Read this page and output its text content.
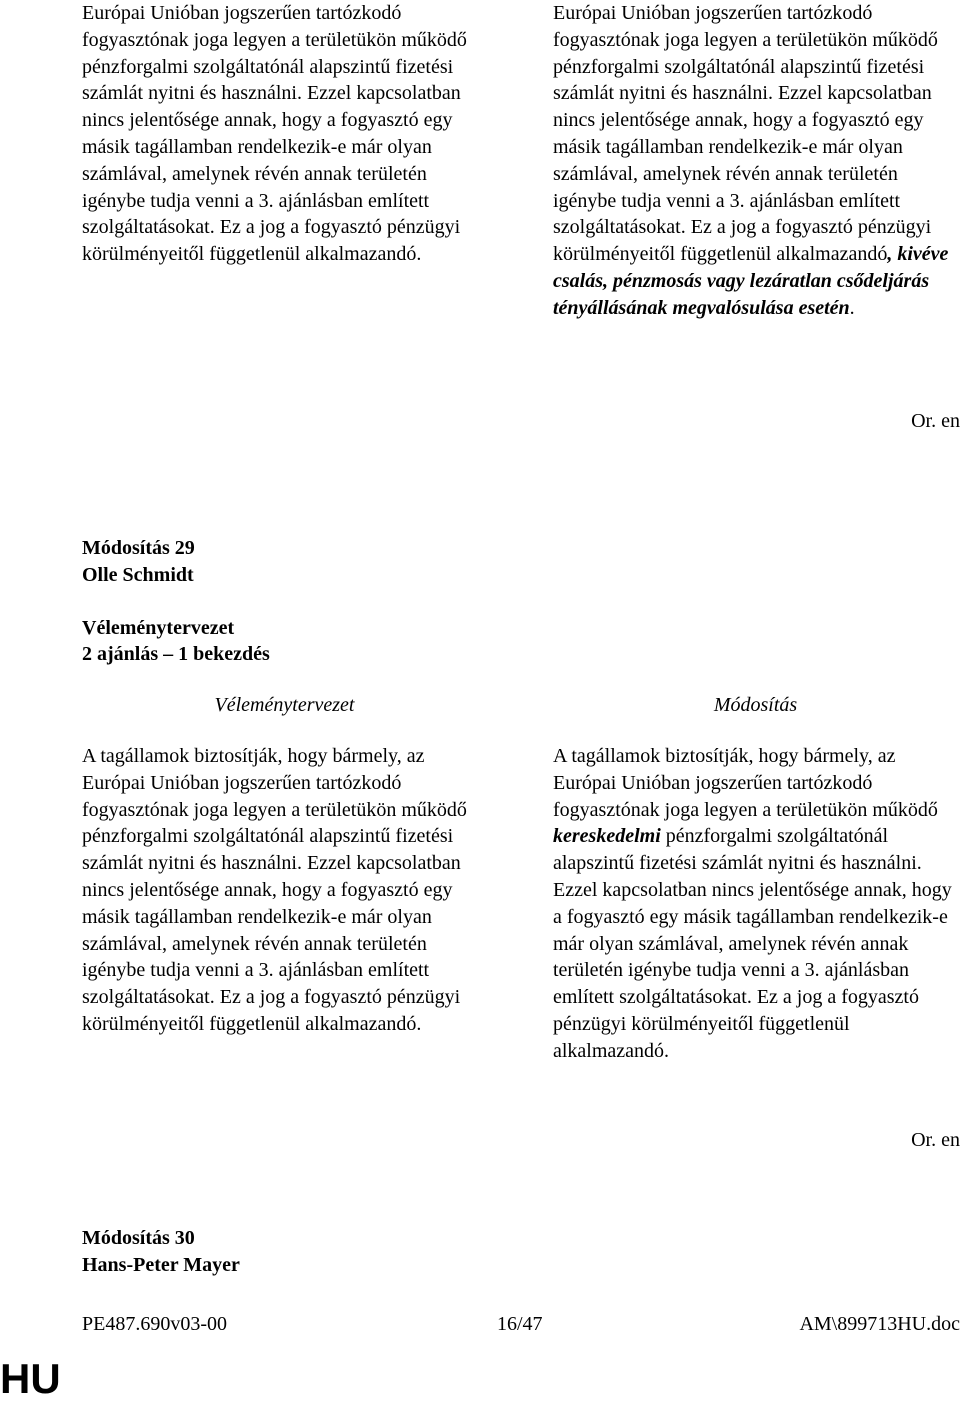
Európai Unióban jogszerűen tartózkodó fogyasztónak joga legyen a területükön működő pénzforgalmi szolgáltatónál alapszintű fizetési számlát nyitni és használni. Ezzel kapcsolatban nincs jelentősége annak, hogy a fogyasztó egy másik tagállamban rendelkezik-e már olyan számlával, amelynek révén annak területén igénybe tudja venni a 3. ajánlásban említett szolgáltatásokat. Ez a jog a fogyasztó pénzügyi körülményeitől függetlenül alkalmazandó.
Európai Unióban jogszerűen tartózkodó fogyasztónak joga legyen a területükön működő pénzforgalmi szolgáltatónál alapszintű fizetési számlát nyitni és használni. Ezzel kapcsolatban nincs jelentősége annak, hogy a fogyasztó egy másik tagállamban rendelkezik-e már olyan számlával, amelynek révén annak területén igénybe tudja venni a 3. ajánlásban említett szolgáltatásokat. Ez a jog a fogyasztó pénzügyi körülményeitől függetlenül alkalmazandó, kivéve csalás, pénzmosás vagy lezáratlan csődeljárás tényállásának megvalósulása esetén.
Or. en
Módosítás 29
Olle Schmidt
Véleménytervezet
2 ajánlás – 1 bekezdés
Véleménytervezet	Módosítás
A tagállamok biztosítják, hogy bármely, az Európai Unióban jogszerűen tartózkodó fogyasztónak joga legyen a területükön működő pénzforgalmi szolgáltatónál alapszintű fizetési számlát nyitni és használni. Ezzel kapcsolatban nincs jelentősége annak, hogy a fogyasztó egy másik tagállamban rendelkezik-e már olyan számlával, amelynek révén annak területén igénybe tudja venni a 3. ajánlásban említett szolgáltatásokat. Ez a jog a fogyasztó pénzügyi körülményeitől függetlenül alkalmazandó.
A tagállamok biztosítják, hogy bármely, az Európai Unióban jogszerűen tartózkodó fogyasztónak joga legyen a területükön működő kereskedelmi pénzforgalmi szolgáltatónál alapszintű fizetési számlát nyitni és használni. Ezzel kapcsolatban nincs jelentősége annak, hogy a fogyasztó egy másik tagállamban rendelkezik-e már olyan számlával, amelynek révén annak területén igénybe tudja venni a 3. ajánlásban említett szolgáltatásokat. Ez a jog a fogyasztó pénzügyi körülményeitől függetlenül alkalmazandó.
Or. en
Módosítás 30
Hans-Peter Mayer
PE487.690v03-00	16/47	AM\899713HU.doc
HU
